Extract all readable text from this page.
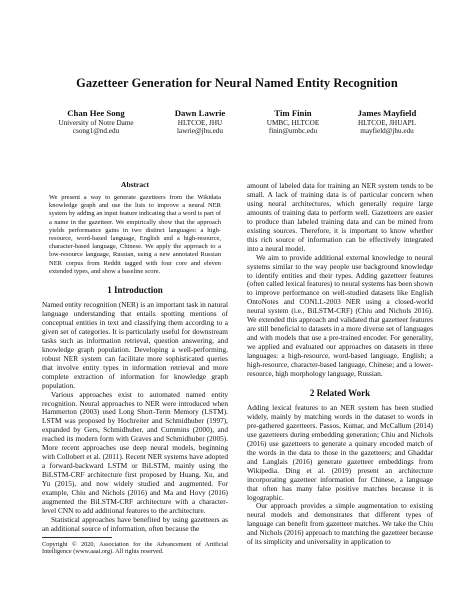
Gazetteer Generation for Neural Named Entity Recognition
Chan Hee Song
University of Notre Dame
csong1@nd.edu
Dawn Lawrie
HLTCOE, JHU
lawrie@jhu.edu
Tim Finin
UMBC, HLTCOE
finin@umbc.edu
James Mayfield
HLTCOE, JHUAPL
mayfield@jhu.edu
Abstract
We present a way to generate gazetteers from the Wikidata knowledge graph and use the lists to improve a neural NER system by adding an input feature indicating that a word is part of a name in the gazetteer. We empirically show that the approach yields performance gains in two distinct languages: a high-resource, word-based language, English and a high-resource, character-based language, Chinese. We apply the approach to a low-resource language, Russian, using a new annotated Russian NER corpus from Reddit tagged with four core and eleven extended types, and show a baseline score.
1 Introduction

Named entity recognition (NER) is an important task in natural language understanding that entails spotting mentions of conceptual entities in text and classifying them according to a given set of categories. It is particularly useful for downstream tasks such as information retrieval, question answering, and knowledge graph population. Developing a well-performing, robust NER system can facilitate more sophisticated queries that involve entity types in information retrieval and more complete extraction of information for knowledge graph population.

Various approaches exist to automated named entity recognition. Neural approaches to NER were introduced when Hammerton (2003) used Long Short-Term Memory (LSTM). LSTM was proposed by Hochreiter and Schmidhuber (1997), expanded by Gers, Schmidhuber, and Cummins (2000), and reached its modern form with Graves and Schmidhuber (2005). More recent approaches use deep neural models, beginning with Collobert et al. (2011). Recent NER systems have adopted a forward-backward LSTM or BiLSTM, mainly using the BiLSTM-CRF architecture first proposed by Huang, Xu, and Yu (2015), and now widely studied and augmented. For example, Chiu and Nichols (2016) and Ma and Hovy (2016) augmented the BiLSTM-CRF architecture with a character-level CNN to add additional features to the architecture.

Statistical approaches have benefited by using gazetteers as an additional source of information, often because the

Copyright © 2020, Association for the Advancement of Artificial Intelligence (www.aaai.org). All rights reserved.

amount of labeled data for training an NER system tends to be small. A lack of training data is of particular concern when using neural architectures, which generally require large amounts of training data to perform well. Gazetteers are easier to produce than labeled training data and can be mined from existing sources. Therefore, it is important to know whether this rich source of information can be effectively integrated into a neural model.

We aim to provide additional external knowledge to neural systems similar to the way people use background knowledge to identify entities and their types. Adding gazetteer features (often called lexical features) to neural systems has been shown to improve performance on well-studied datasets like English OntoNotes and CONLL-2003 NER using a closed-world neural system (i.e., BiLSTM-CRF) (Chiu and Nichols 2016). We extended this approach and validated that gazetteer features are still beneficial to datasets in a more diverse set of languages and with models that use a pre-trained encoder. For generality, we applied and evaluated our approaches on datasets in three languages: a high-resource, word-based language, English; a high-resource, character-based language, Chinese; and a lower-resource, high morphology language, Russian.

2 Related Work

Adding lexical features to an NER system has been studied widely, mainly by matching words in the dataset to words in pre-gathered gazetteers. Passos, Kumar, and McCallum (2014) use gazetteers during embedding generation; Chiu and Nichols (2016) use gazetteers to generate a quinary encoded match of the words in the data to those in the gazetteers; and Ghaddar and Langlais (2016) generate gazetteer embeddings from Wikipedia. Ding et al. (2019) present an architecture incorporating gazetteer information for Chinese, a language that often has many false positive matches because it is logographic.

Our approach provides a simple augmentation to existing neural models and demonstrates that different types of language can benefit from gazetteer matches. We take the Chiu and Nichols (2016) approach to matching the gazetteer because of its simplicity and universality in application to
